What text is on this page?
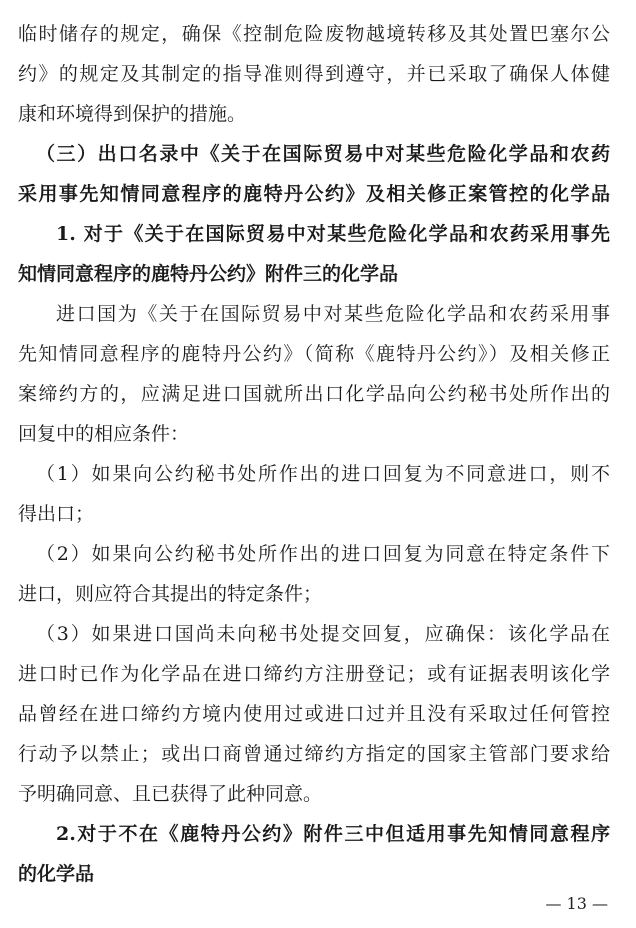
临时储存的规定，确保《控制危险废物越境转移及其处置巴塞尔公
约》的规定及其制定的指导准则得到遵守，并已采取了确保人体健
康和环境得到保护的措施。
（三）出口名录中《关于在国际贸易中对某些危险化学品和农药
采用事先知情同意程序的鹿特丹公约》及相关修正案管控的化学品
1. 对于《关于在国际贸易中对某些危险化学品和农药采用事先
知情同意程序的鹿特丹公约》附件三的化学品
进口国为《关于在国际贸易中对某些危险化学品和农药采用事
先知情同意程序的鹿特丹公约》（简称《鹿特丹公约》）及相关修正
案缔约方的，应满足进口国就所出口化学品向公约秘书处所作出的
回复中的相应条件：
（1）如果向公约秘书处所作出的进口回复为不同意进口，则不
得出口；
（2）如果向公约秘书处所作出的进口回复为同意在特定条件下
进口，则应符合其提出的特定条件；
（3）如果进口国尚未向秘书处提交回复，应确保：该化学品在
进口时已作为化学品在进口缔约方注册登记；或有证据表明该化学
品曾经在进口缔约方境内使用过或进口过并且没有采取过任何管控
行动予以禁止；或出口商曾通过缔约方指定的国家主管部门要求给
予明确同意、且已获得了此种同意。
2.对于不在《鹿特丹公约》附件三中但适用事先知情同意程序
的化学品
— 13 —
